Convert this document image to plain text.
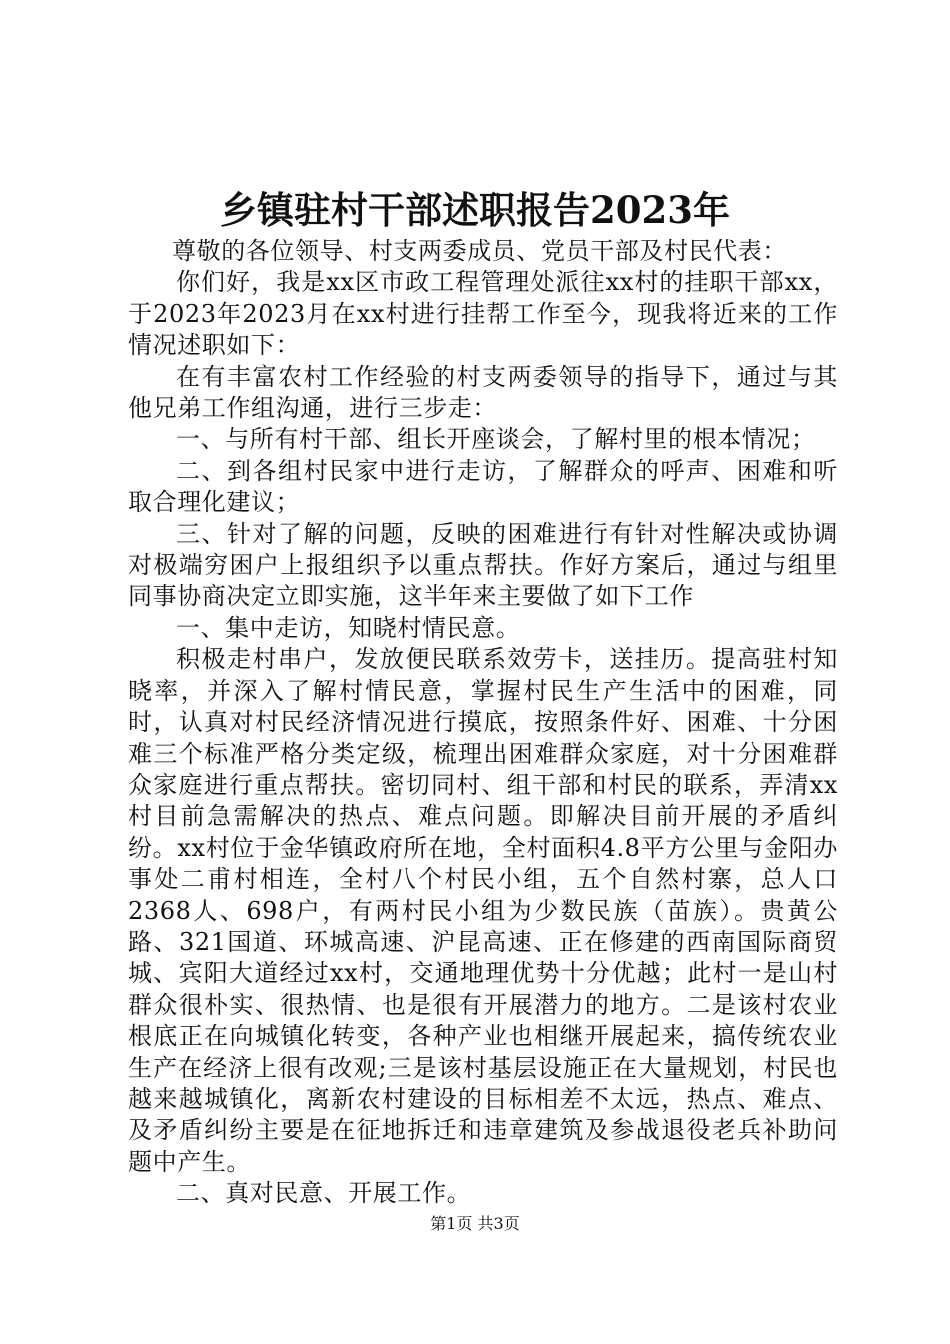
乡镇驻村干部述职报告2023年

尊敬的各位领导、村支两委成员、党员干部及村民代表：

你们好，我是xx区市政工程管理处派往xx村的挂职干部xx，于2023年2023月在xx村进行挂帮工作至今，现我将近来的工作情况述职如下：

在有丰富农村工作经验的村支两委领导的指导下，通过与其他兄弟工作组沟通，进行三步走：

一、与所有村干部、组长开座谈会，了解村里的根本情况；

二、到各组村民家中进行走访，了解群众的呼声、困难和听取合理化建议；

三、针对了解的问题，反映的困难进行有针对性解决或协调对极端穷困户上报组织予以重点帮扶。作好方案后，通过与组里同事协商决定立即实施，这半年来主要做了如下工作

一、集中走访，知晓村情民意。

积极走村串户，发放便民联系效劳卡，送挂历。提高驻村知晓率，并深入了解村情民意，掌握村民生产生活中的困难，同时，认真对村民经济情况进行摸底，按照条件好、困难、十分困难三个标准严格分类定级，梳理出困难群众家庭，对十分困难群众家庭进行重点帮扶。密切同村、组干部和村民的联系，弄清xx村目前急需解决的热点、难点问题。即解决目前开展的矛盾纠纷。xx村位于金华镇政府所在地，全村面积4.8平方公里与金阳办事处二甫村相连，全村八个村民小组，五个自然村寨，总人口2368人、698户，有两村民小组为少数民族（苗族）。贵黄公路、321国道、环城高速、沪昆高速、正在修建的西南国际商贸城、宾阳大道经过xx村，交通地理优势十分优越；此村一是山村群众很朴实、很热情、也是很有开展潜力的地方。二是该村农业根底正在向城镇化转变，各种产业也相继开展起来，搞传统农业生产在经济上很有改观;三是该村基层设施正在大量规划，村民也越来越城镇化，离新农村建设的目标相差不太远，热点、难点、及矛盾纠纷主要是在征地拆迁和违章建筑及参战退役老兵补助问题中产生。

二、真对民意、开展工作。

第1页 共3页
